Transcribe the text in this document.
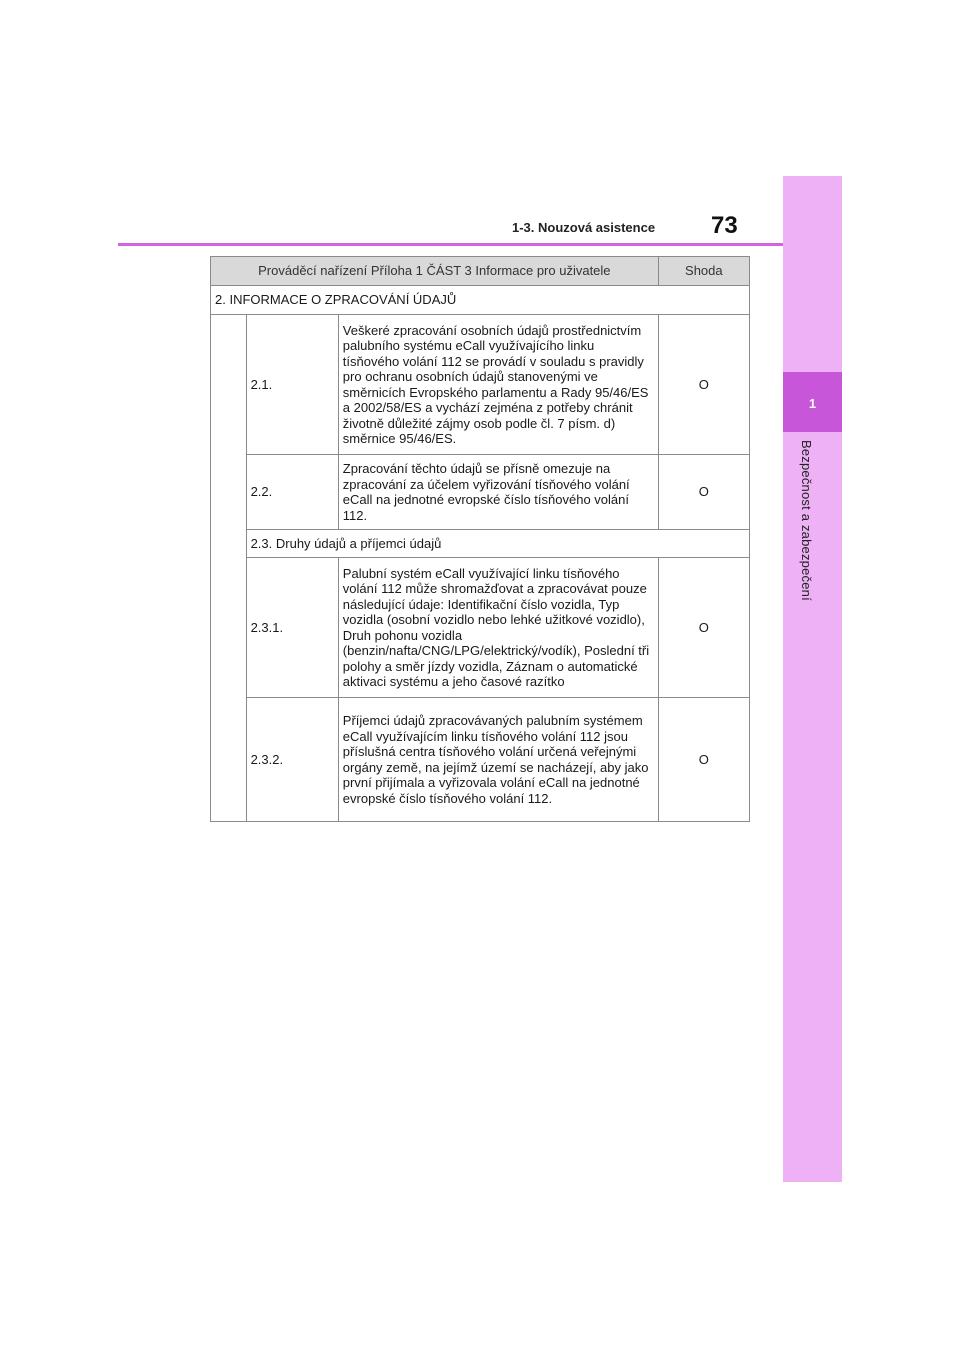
1
Bezpečnost a zabezpečení
1-3. Nouzová asistence 73
Prováděcí nařízení Příloha 1 ČÁST 3 Informace pro uživatele			Shoda
2. INFORMACE O ZPRACOVÁNÍ ÚDAJŮ			
	2.1.	Veškeré zpracování osobních údajů prostřednictvím palubního systému eCall využívajícího linku tísňového volání 112 se provádí v souladu s pravidly pro ochranu osobních údajů stanovenými ve směrnicích Evropského parlamentu a Rady 95/46/ES a 2002/58/ES a vychází zejména z potřeby chránit životně důležité zájmy osob podle čl. 7 písm. d) směrnice 95/46/ES.	O
	2.2.	Zpracování těchto údajů se přísně omezuje na zpracování za účelem vyřizování tísňového volání eCall na jednotné evropské číslo tísňového volání 112.	O
	2.3. Druhy údajů a příjemci údajů		
	2.3.1.	Palubní systém eCall využívající linku tísňového volání 112 může shromažďovat a zpracovávat pouze následující údaje: Identifikační číslo vozidla, Typ vozidla (osobní vozidlo nebo lehké užitkové vozidlo), Druh pohonu vozidla (benzin/nafta/CNG/LPG/elektrický/vodík), Poslední tři polohy a směr jízdy vozidla, Záznam o automatické aktivaci systému a jeho časové razítko	O
	2.3.2.	Příjemci údajů zpracovávaných palubním systémem eCall využívajícím linku tísňového volání 112 jsou příslušná centra tísňového volání určená veřejnými orgány země, na jejímž území se nacházejí, aby jako první přijímala a vyřizovala volání eCall na jednotné evropské číslo tísňového volání 112.	O
